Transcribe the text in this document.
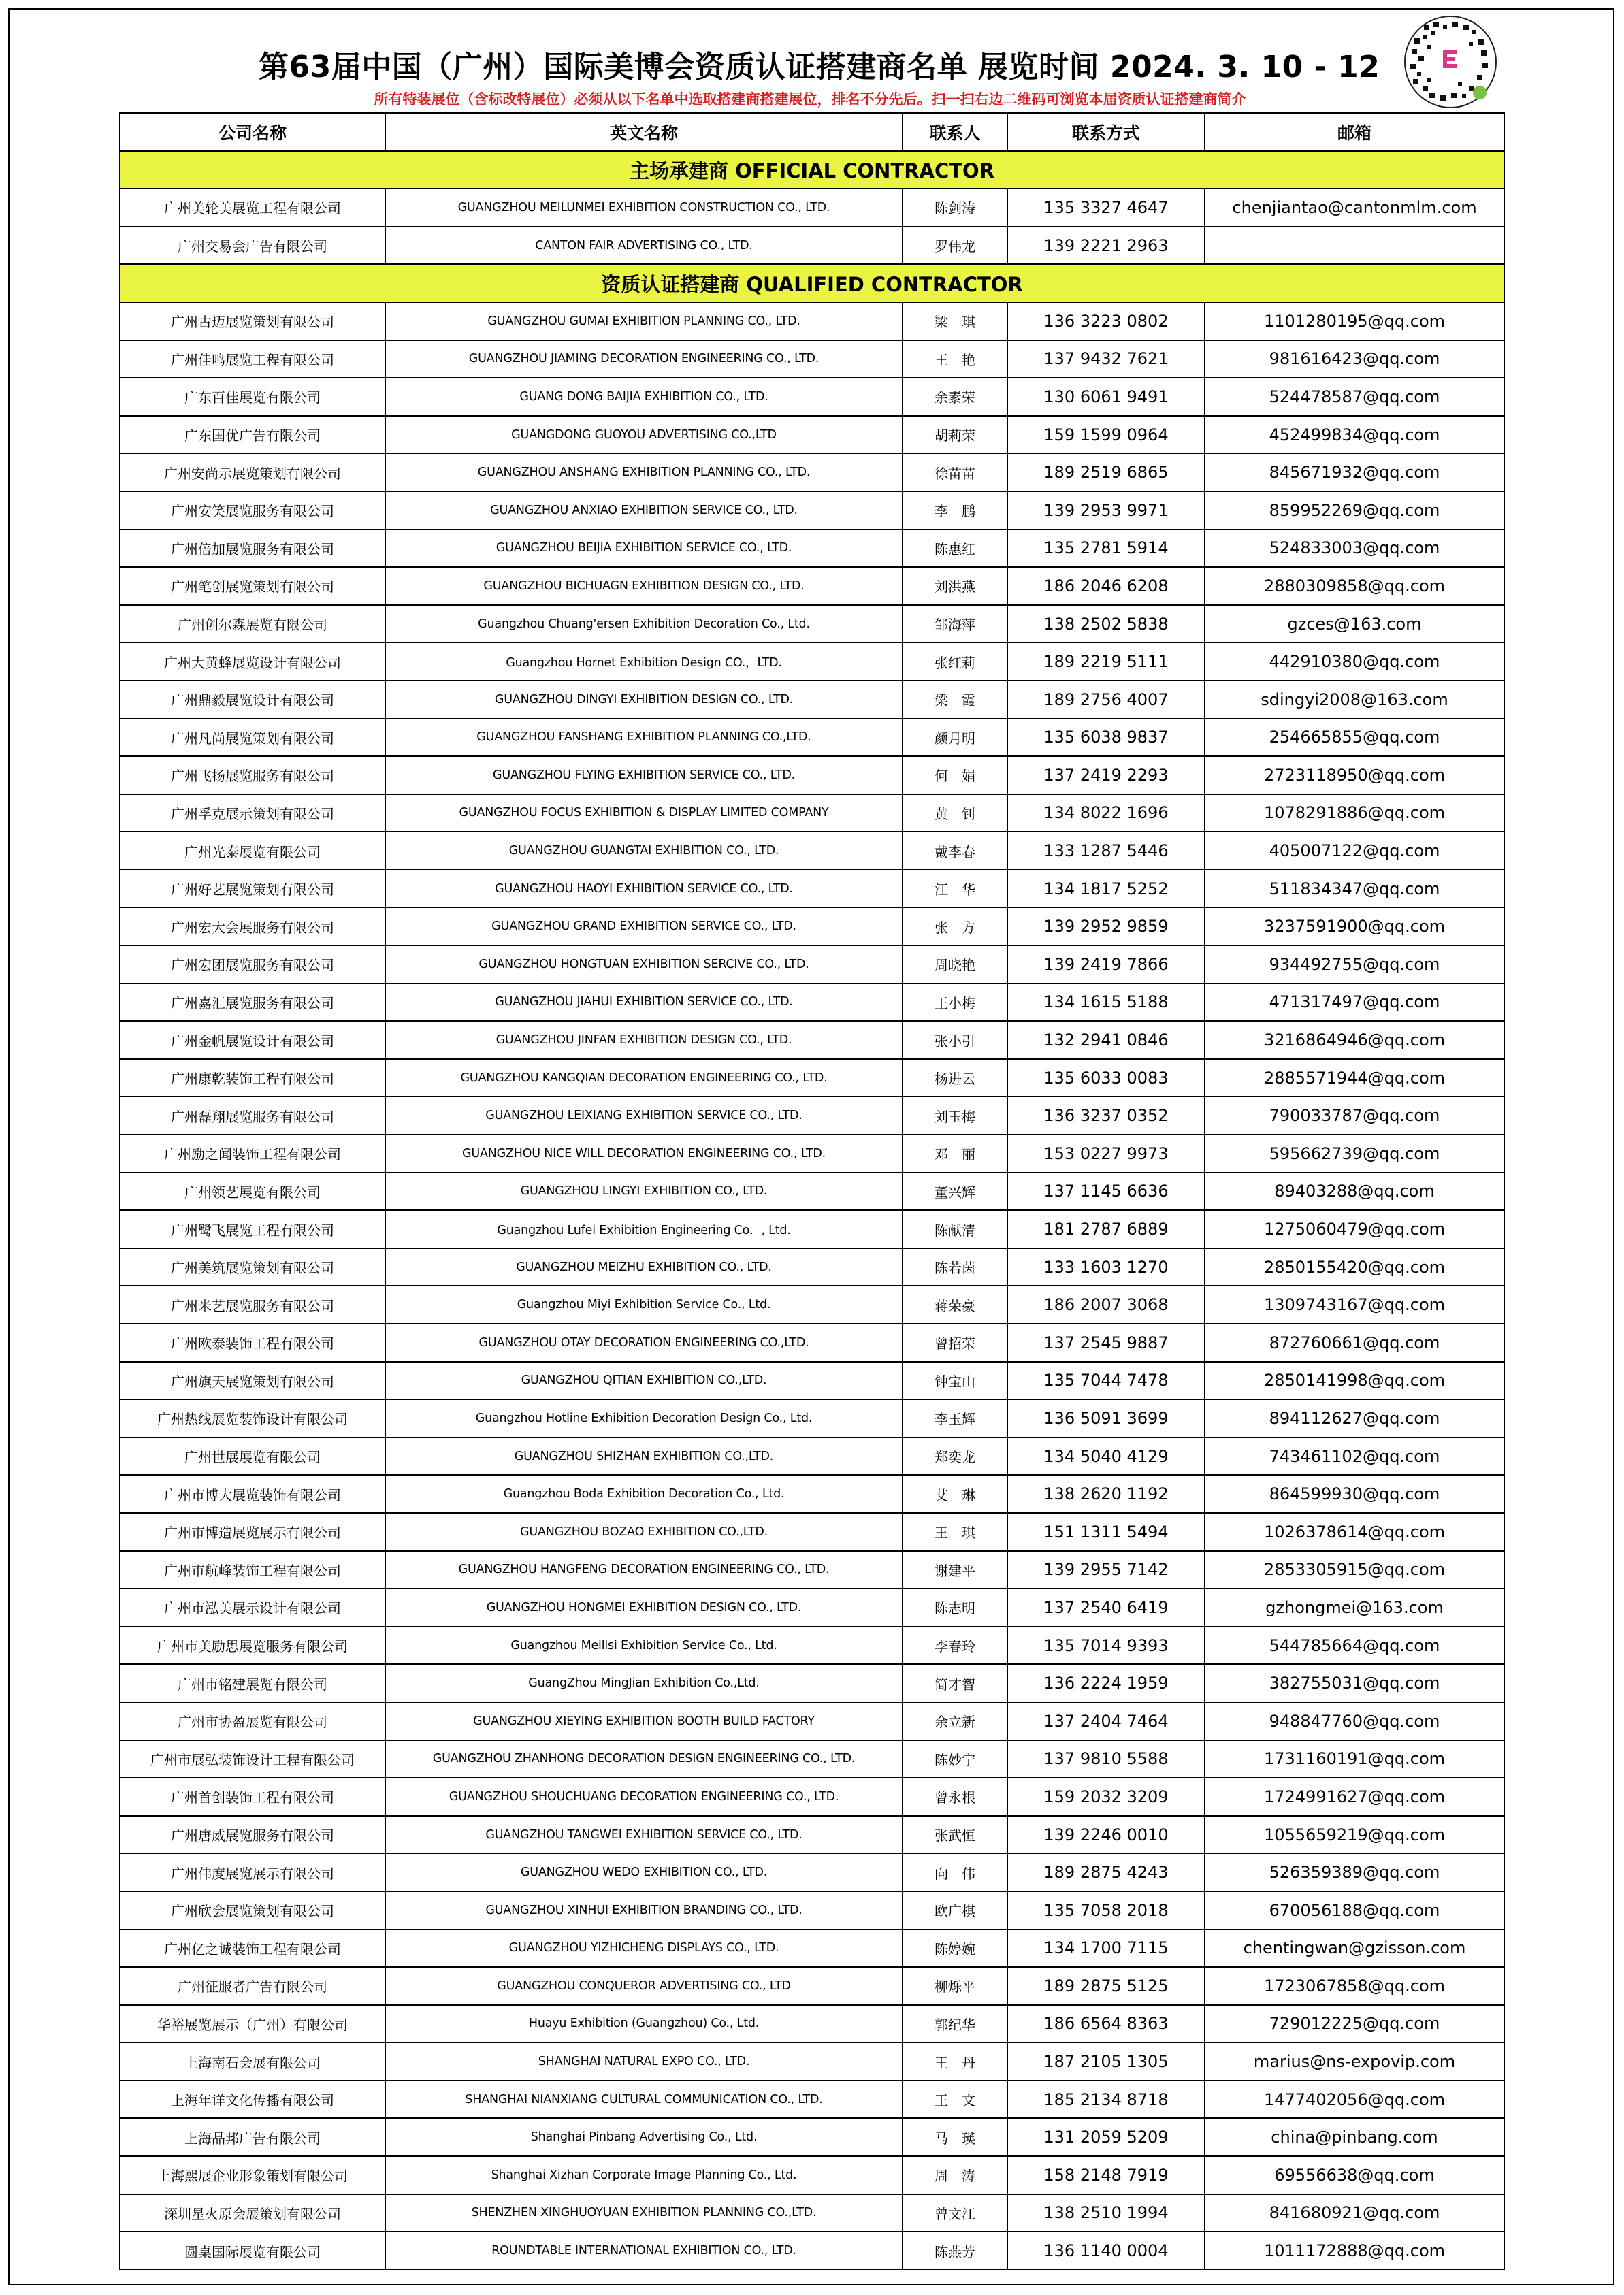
第63届中国（广州）国际美博会资质认证搭建商名单 展览时间 2024. 3. 10 - 12
所有特装展位（含标改特展位）必须从以下名单中选取搭建商搭建展位，排名不分先后。扫一扫右边二维码可浏览本届资质认证搭建商简介
公司名称	英文名称	联系人	联系方式	邮箱
主场承建商 OFFICIAL CONTRACTOR				
广州美轮美展览工程有限公司	GUANGZHOU MEILUNMEI EXHIBITION CONSTRUCTION CO., LTD.	陈剑涛	135 3327 4647	chenjiantao@cantonmlm.com
广州交易会广告有限公司	CANTON FAIR ADVERTISING CO., LTD.	罗伟龙	139 2221 2963	
资质认证搭建商 QUALIFIED CONTRACTOR				
广州古迈展览策划有限公司	GUANGZHOU GUMAI EXHIBITION PLANNING CO., LTD.	梁　琪	136 3223 0802	1101280195@qq.com
广州佳鸣展览工程有限公司	GUANGZHOU JIAMING DECORATION ENGINEERING CO., LTD.	王　艳	137 9432 7621	981616423@qq.com
广东百佳展览有限公司	GUANG DONG BAIJIA EXHIBITION CO., LTD.	余素荣	130 6061 9491	524478587@qq.com
广东国优广告有限公司	GUANGDONG GUOYOU ADVERTISING CO.,LTD	胡莉荣	159 1599 0964	452499834@qq.com
广州安尚示展览策划有限公司	GUANGZHOU ANSHANG EXHIBITION PLANNING CO., LTD.	徐苗苗	189 2519 6865	845671932@qq.com
广州安笑展览服务有限公司	GUANGZHOU ANXIAO EXHIBITION SERVICE CO., LTD.	李　鹏	139 2953 9971	859952269@qq.com
广州倍加展览服务有限公司	GUANGZHOU BEIJIA EXHIBITION SERVICE CO., LTD.	陈惠红	135 2781 5914	524833003@qq.com
广州笔创展览策划有限公司	GUANGZHOU BICHUAGN EXHIBITION DESIGN CO., LTD.	刘洪燕	186 2046 6208	2880309858@qq.com
广州创尔森展览有限公司	Guangzhou Chuang'ersen Exhibition Decoration Co., Ltd.	邹海萍	138 2502 5838	gzces@163.com
广州大黄蜂展览设计有限公司	Guangzhou Hornet Exhibition Design CO.，LTD.	张红莉	189 2219 5111	442910380@qq.com
广州鼎毅展览设计有限公司	GUANGZHOU DINGYI EXHIBITION DESIGN CO., LTD.	梁　霞	189 2756 4007	sdingyi2008@163.com
广州凡尚展览策划有限公司	GUANGZHOU FANSHANG EXHIBITION PLANNING CO.,LTD.	颜月明	135 6038 9837	254665855@qq.com
广州飞扬展览服务有限公司	GUANGZHOU FLYING EXHIBITION SERVICE CO., LTD.	何　娟	137 2419 2293	2723118950@qq.com
广州孚克展示策划有限公司	GUANGZHOU FOCUS EXHIBITION & DISPLAY LIMITED COMPANY	黄　钊	134 8022 1696	1078291886@qq.com
广州光泰展览有限公司	GUANGZHOU GUANGTAI EXHIBITION CO., LTD.	戴李春	133 1287 5446	405007122@qq.com
广州好艺展览策划有限公司	GUANGZHOU HAOYI EXHIBITION SERVICE CO., LTD.	江　华	134 1817 5252	511834347@qq.com
广州宏大会展服务有限公司	GUANGZHOU GRAND EXHIBITION SERVICE CO., LTD.	张　方	139 2952 9859	3237591900@qq.com
广州宏团展览服务有限公司	GUANGZHOU HONGTUAN EXHIBITION SERCIVE CO., LTD.	周晓艳	139 2419 7866	934492755@qq.com
广州嘉汇展览服务有限公司	GUANGZHOU JIAHUI EXHIBITION SERVICE CO., LTD.	王小梅	134 1615 5188	471317497@qq.com
广州金帆展览设计有限公司	GUANGZHOU JINFAN EXHIBITION DESIGN CO., LTD.	张小引	132 2941 0846	3216864946@qq.com
广州康乾装饰工程有限公司	GUANGZHOU KANGQIAN DECORATION ENGINEERING CO., LTD.	杨进云	135 6033 0083	2885571944@qq.com
广州磊翔展览服务有限公司	GUANGZHOU LEIXIANG EXHIBITION SERVICE CO., LTD.	刘玉梅	136 3237 0352	790033787@qq.com
广州励之闻装饰工程有限公司	GUANGZHOU NICE WILL DECORATION ENGINEERING CO., LTD.	邓　丽	153 0227 9973	595662739@qq.com
广州领艺展览有限公司	GUANGZHOU LINGYI EXHIBITION CO., LTD.	董兴辉	137 1145 6636	89403288@qq.com
广州鹭飞展览工程有限公司	Guangzhou Lufei Exhibition Engineering Co．, Ltd.	陈献清	181 2787 6889	1275060479@qq.com
广州美筑展览策划有限公司	GUANGZHOU MEIZHU EXHIBITION CO., LTD.	陈若茵	133 1603 1270	2850155420@qq.com
广州米艺展览服务有限公司	Guangzhou Miyi Exhibition Service Co., Ltd.	蒋荣豪	186 2007 3068	1309743167@qq.com
广州欧泰装饰工程有限公司	GUANGZHOU OTAY DECORATION ENGINEERING CO.,LTD.	曾招荣	137 2545 9887	872760661@qq.com
广州旗天展览策划有限公司	GUANGZHOU QITIAN EXHIBITION CO.,LTD.	钟宝山	135 7044 7478	2850141998@qq.com
广州热线展览装饰设计有限公司	Guangzhou Hotline Exhibition Decoration Design Co., Ltd.	李玉辉	136 5091 3699	894112627@qq.com
广州世展展览有限公司	GUANGZHOU SHIZHAN EXHIBITION CO.,LTD.	郑奕龙	134 5040 4129	743461102@qq.com
广州市博大展览装饰有限公司	Guangzhou Boda Exhibition Decoration Co., Ltd.	艾　琳	138 2620 1192	864599930@qq.com
广州市博造展览展示有限公司	GUANGZHOU BOZAO EXHIBITION CO.,LTD.	王　琪	151 1311 5494	1026378614@qq.com
广州市航峰装饰工程有限公司	GUANGZHOU HANGFENG DECORATION ENGINEERING CO., LTD.	谢建平	139 2955 7142	2853305915@qq.com
广州市泓美展示设计有限公司	GUANGZHOU HONGMEI EXHIBITION DESIGN CO., LTD.	陈志明	137 2540 6419	gzhongmei@163.com
广州市美励思展览服务有限公司	Guangzhou Meilisi Exhibition Service Co., Ltd.	李春玲	135 7014 9393	544785664@qq.com
广州市铭建展览有限公司	GuangZhou MingJian Exhibition Co.,Ltd.	简才智	136 2224 1959	382755031@qq.com
广州市协盈展览有限公司	GUANGZHOU XIEYING EXHIBITION BOOTH BUILD FACTORY	余立新	137 2404 7464	948847760@qq.com
广州市展弘装饰设计工程有限公司	GUANGZHOU ZHANHONG DECORATION DESIGN ENGINEERING CO., LTD.	陈妙宁	137 9810 5588	1731160191@qq.com
广州首创装饰工程有限公司	GUANGZHOU SHOUCHUANG DECORATION ENGINEERING CO., LTD.	曾永根	159 2032 3209	1724991627@qq.com
广州唐威展览服务有限公司	GUANGZHOU TANGWEI EXHIBITION SERVICE CO., LTD.	张武恒	139 2246 0010	1055659219@qq.com
广州伟度展览展示有限公司	GUANGZHOU WEDO EXHIBITION CO., LTD.	向　伟	189 2875 4243	526359389@qq.com
广州欣会展览策划有限公司	GUANGZHOU XINHUI EXHIBITION BRANDING CO., LTD.	欧广棋	135 7058 2018	670056188@qq.com
广州亿之诚装饰工程有限公司	GUANGZHOU YIZHICHENG DISPLAYS CO., LTD.	陈婷婉	134 1700 7115	chentingwan@gzisson.com
广州征服者广告有限公司	GUANGZHOU CONQUEROR ADVERTISING CO., LTD	柳烁平	189 2875 5125	1723067858@qq.com
华裕展览展示（广州）有限公司	Huayu Exhibition (Guangzhou) Co., Ltd.	郭纪华	186 6564 8363	729012225@qq.com
上海南石会展有限公司	SHANGHAI NATURAL EXPO CO., LTD.	王　丹	187 2105 1305	marius@ns-expovip.com
上海年详文化传播有限公司	SHANGHAI NIANXIANG CULTURAL COMMUNICATION CO., LTD.	王　文	185 2134 8718	1477402056@qq.com
上海品邦广告有限公司	Shanghai Pinbang Advertising Co., Ltd.	马　瑛	131 2059 5209	china@pinbang.com
上海熙展企业形象策划有限公司	Shanghai Xizhan Corporate Image Planning Co., Ltd.	周　涛	158 2148 7919	69556638@qq.com
深圳星火原会展策划有限公司	SHENZHEN XINGHUOYUAN EXHIBITION PLANNING CO.,LTD.	曾文江	138 2510 1994	841680921@qq.com
圆桌国际展览有限公司	ROUNDTABLE INTERNATIONAL EXHIBITION CO., LTD.	陈燕芳	136 1140 0004	1011172888@qq.com
